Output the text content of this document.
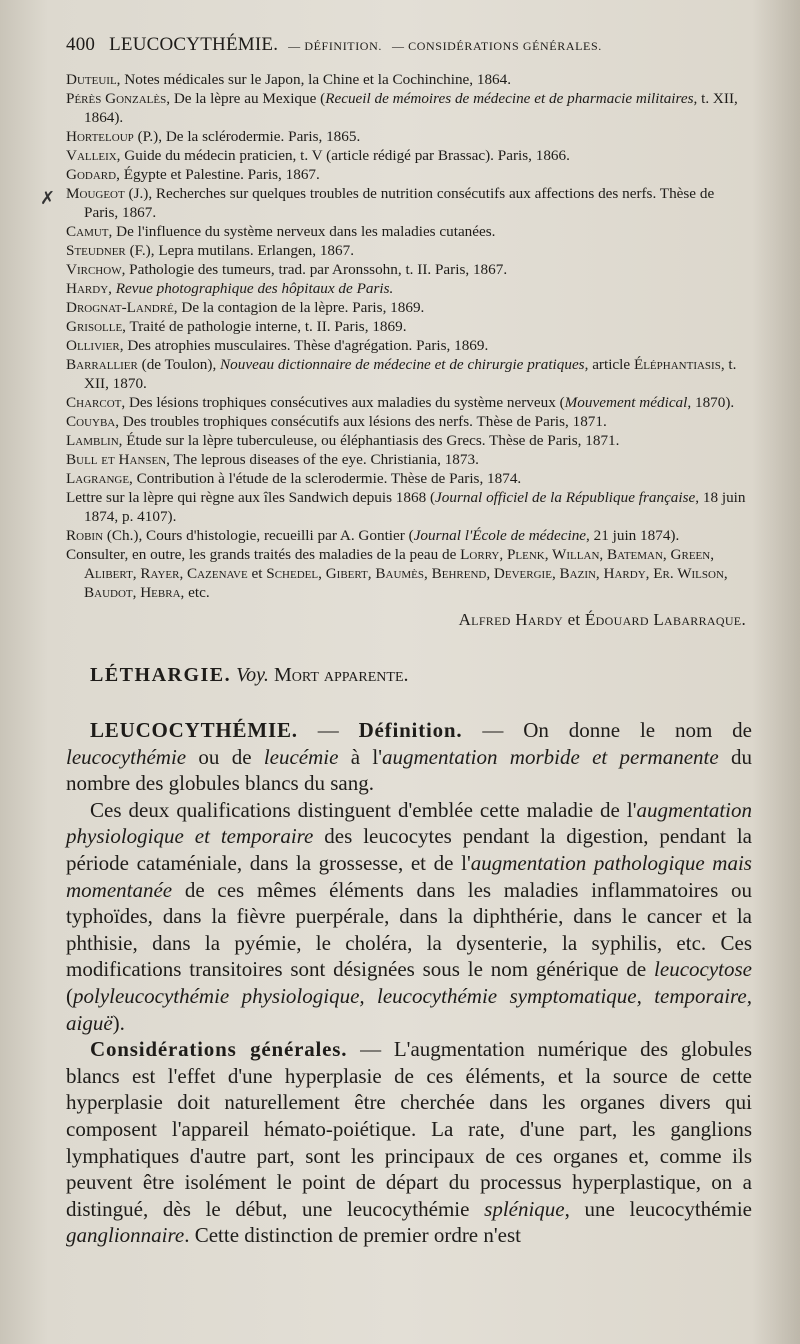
✗
400 LEUCOCYTHÉMIE. — DÉFINITION. — CONSIDÉRATIONS GÉNÉRALES.

Duteuil, Notes médicales sur le Japon, la Chine et la Cochinchine, 1864.

Pérès Gonzalès, De la lèpre au Mexique (Recueil de mémoires de médecine et de pharmacie militaires, t. XII, 1864).

Horteloup (P.), De la sclérodermie. Paris, 1865.

Valleix, Guide du médecin praticien, t. V (article rédigé par Brassac). Paris, 1866.

Godard, Égypte et Palestine. Paris, 1867.

Mougeot (J.), Recherches sur quelques troubles de nutrition consécutifs aux affections des nerfs. Thèse de Paris, 1867.

Camut, De l'influence du système nerveux dans les maladies cutanées.

Steudner (F.), Lepra mutilans. Erlangen, 1867.

Virchow, Pathologie des tumeurs, trad. par Aronssohn, t. II. Paris, 1867.

Hardy, Revue photographique des hôpitaux de Paris.

Drognat-Landré, De la contagion de la lèpre. Paris, 1869.

Grisolle, Traité de pathologie interne, t. II. Paris, 1869.

Ollivier, Des atrophies musculaires. Thèse d'agrégation. Paris, 1869.

Barrallier (de Toulon), Nouveau dictionnaire de médecine et de chirurgie pratiques, article Éléphantiasis, t. XII, 1870.

Charcot, Des lésions trophiques consécutives aux maladies du système nerveux (Mouvement médical, 1870).

Couyba, Des troubles trophiques consécutifs aux lésions des nerfs. Thèse de Paris, 1871.

Lamblin, Étude sur la lèpre tuberculeuse, ou éléphantiasis des Grecs. Thèse de Paris, 1871.

Bull et Hansen, The leprous diseases of the eye. Christiania, 1873.

Lagrange, Contribution à l'étude de la sclerodermie. Thèse de Paris, 1874.

Lettre sur la lèpre qui règne aux îles Sandwich depuis 1868 (Journal officiel de la République française, 18 juin 1874, p. 4107).

Robin (Ch.), Cours d'histologie, recueilli par A. Gontier (Journal l'École de médecine, 21 juin 1874).

Consulter, en outre, les grands traités des maladies de la peau de Lorry, Plenk, Willan, Bateman, Green, Alibert, Rayer, Cazenave et Schedel, Gibert, Baumès, Behrend, Devergie, Bazin, Hardy, Er. Wilson, Baudot, Hebra, etc.

Alfred Hardy et Édouard Labarraque.
LÉTHARGIE. Voy. Mort apparente.

LEUCOCYTHÉMIE. — Définition. — On donne le nom de leucocythémie ou de leucémie à l'augmentation morbide et permanente du nombre des globules blancs du sang.

Ces deux qualifications distinguent d'emblée cette maladie de l'augmentation physiologique et temporaire des leucocytes pendant la digestion, pendant la période cataméniale, dans la grossesse, et de l'augmentation pathologique mais momentanée de ces mêmes éléments dans les maladies inflammatoires ou typhoïdes, dans la fièvre puerpérale, dans la diphthérie, dans le cancer et la phthisie, dans la pyémie, le choléra, la dysenterie, la syphilis, etc. Ces modifications transitoires sont désignées sous le nom générique de leucocytose (polyleucocythémie physiologique, leucocythémie symptomatique, temporaire, aiguë).

Considérations générales. — L'augmentation numérique des globules blancs est l'effet d'une hyperplasie de ces éléments, et la source de cette hyperplasie doit naturellement être cherchée dans les organes divers qui composent l'appareil hémato-poiétique. La rate, d'une part, les ganglions lymphatiques d'autre part, sont les principaux de ces organes et, comme ils peuvent être isolément le point de départ du processus hyperplastique, on a distingué, dès le début, une leucocythémie splénique, une leucocythémie ganglionnaire. Cette distinction de premier ordre n'est
